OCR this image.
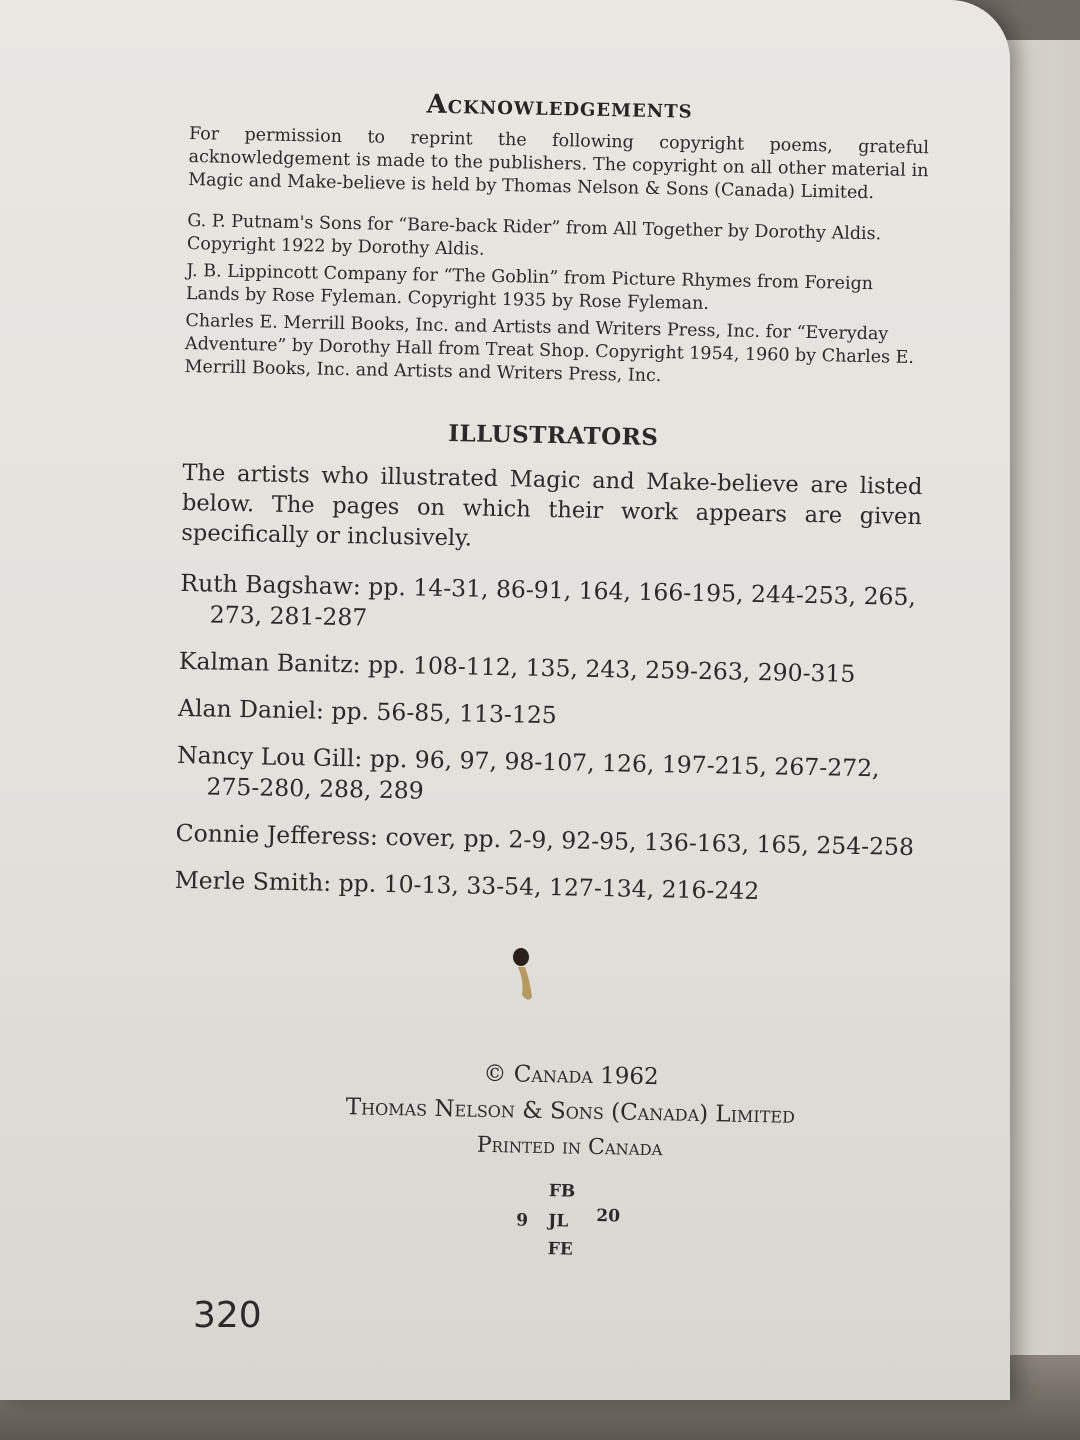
Acknowledgements

For permission to reprint the following copyright poems, grateful acknowledgement is made to the publishers. The copyright on all other material in Magic and Make-believe is held by Thomas Nelson & Sons (Canada) Limited.

G. P. Putnam's Sons for “Bare-back Rider” from All Together by Dorothy Aldis. Copyright 1922 by Dorothy Aldis.

J. B. Lippincott Company for “The Goblin” from Picture Rhymes from Foreign Lands by Rose Fyleman. Copyright 1935 by Rose Fyleman.

Charles E. Merrill Books, Inc. and Artists and Writers Press, Inc. for “Everyday Adventure” by Dorothy Hall from Treat Shop. Copyright 1954, 1960 by Charles E. Merrill Books, Inc. and Artists and Writers Press, Inc.

ILLUSTRATORS

The artists who illustrated Magic and Make-believe are listed below. The pages on which their work appears are given specifically or inclusively.

Ruth Bagshaw: pp. 14-31, 86-91, 164, 166-195, 244-253, 265, 273, 281-287

Kalman Banitz: pp. 108-112, 135, 243, 259-263, 290-315

Alan Daniel: pp. 56-85, 113-125

Nancy Lou Gill: pp. 96, 97, 98-107, 126, 197-215, 267-272, 275-280, 288, 289

Connie Jefferess: cover, pp. 2-9, 92-95, 136-163, 165, 254-258

Merle Smith: pp. 10-13, 33-54, 127-134, 216-242

© Canada 1962
Thomas Nelson & Sons (Canada) Limited
Printed in Canada
FB
9 JL 20
FE
320
